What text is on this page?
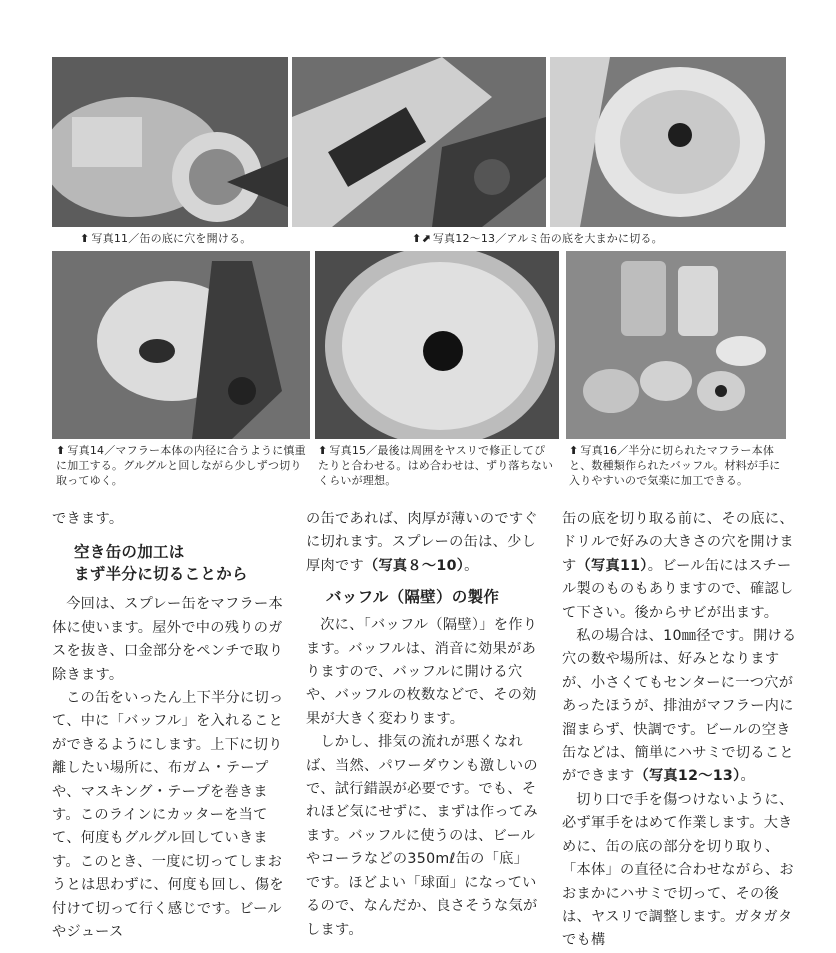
⬆ 写真11／缶の底に穴を開ける。	⬆⬈ 写真12〜13／アルミ缶の底を大まかに切る。
⬆ 写真14／マフラー本体の内径に合うように慎重に加工する。グルグルと回しながら少しずつ切り取ってゆく。
⬆ 写真15／最後は周囲をヤスリで修正してぴたりと合わせる。はめ合わせは、ずり落ちないくらいが理想。
⬆ 写真16／半分に切られたマフラー本体と、数種類作られたバッフル。材料が手に入りやすいので気楽に加工できる。

できます。

空き缶の加工は
まず半分に切ることから

今回は、スプレー缶をマフラー本体に使います。屋外で中の残りのガスを抜き、口金部分をペンチで取り除きます。

この缶をいったん上下半分に切って、中に「バッフル」を入れることができるようにします。上下に切り離したい場所に、布ガム・テープや、マスキング・テープを巻きます。このラインにカッターを当てて、何度もグルグル回していきます。このとき、一度に切ってしまおうとは思わずに、何度も回し、傷を付けて切って行く感じです。ビールやジュース

の缶であれば、肉厚が薄いのですぐに切れます。スプレーの缶は、少し厚肉です（写真８〜10）。

バッフル（隔壁）の製作

次に、「バッフル（隔壁）」を作ります。バッフルは、消音に効果がありますので、バッフルに開ける穴や、バッフルの枚数などで、その効果が大きく変わります。

しかし、排気の流れが悪くなれば、当然、パワーダウンも激しいので、試行錯誤が必要です。でも、それほど気にせずに、まずは作ってみます。バッフルに使うのは、ビールやコーラなどの350mℓ缶の「底」です。ほどよい「球面」になっているので、なんだか、良さそうな気がします。

缶の底を切り取る前に、その底に、ドリルで好みの大きさの穴を開けます（写真11）。ビール缶にはスチール製のものもありますので、確認して下さい。後からサビが出ます。

私の場合は、10㎜径です。開ける穴の数や場所は、好みとなりますが、小さくてもセンターに一つ穴があったほうが、排油がマフラー内に溜まらず、快調です。ビールの空き缶などは、簡単にハサミで切ることができます（写真12〜13）。

切り口で手を傷つけないように、必ず軍手をはめて作業します。大きめに、缶の底の部分を切り取り、「本体」の直径に合わせながら、おおまかにハサミで切って、その後は、ヤスリで調整します。ガタガタでも構
